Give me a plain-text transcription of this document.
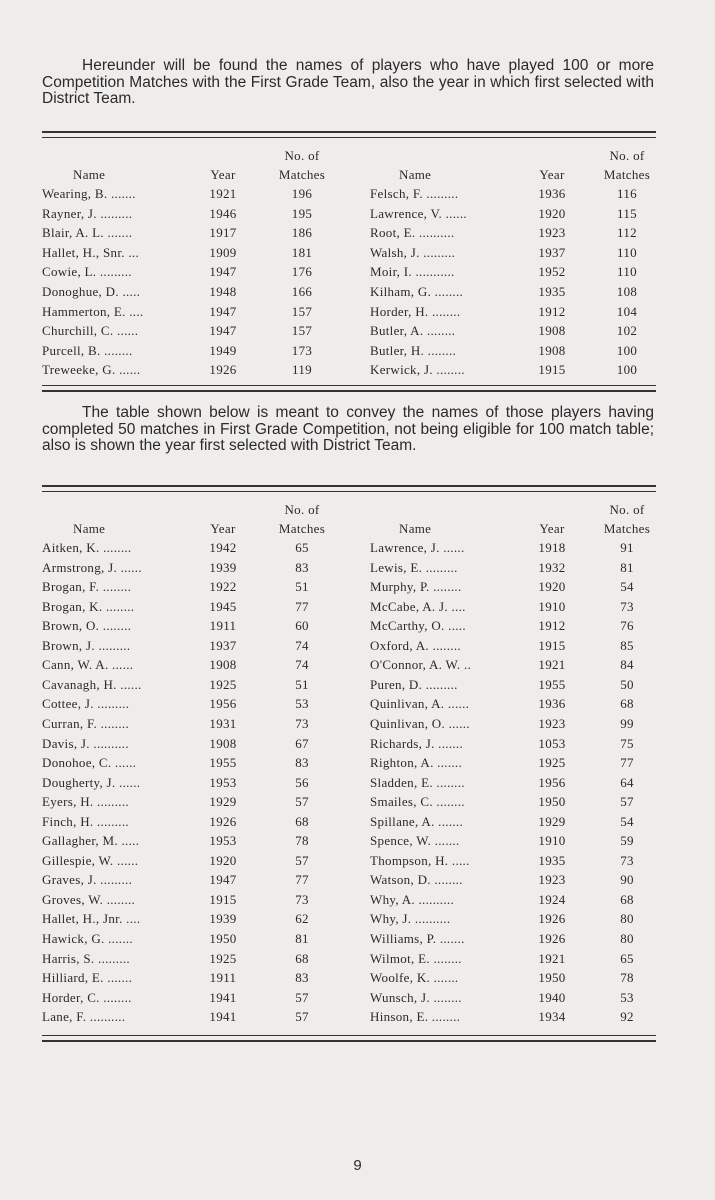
Hereunder will be found the names of players who have played 100 or more Competition Matches with the First Grade Team, also the year in which first selected with District Team.
No. of	No. of
Name	Year	Matches	Name	Year	Matches
Wearing, B. .......	1921	196	Felsch, F. .........	1936	116
Rayner, J. .........	1946	195	Lawrence, V. ......	1920	115
Blair, A. L. .......	1917	186	Root, E. ..........	1923	112
Hallet, H., Snr. ...	1909	181	Walsh, J. .........	1937	110
Cowie, L. .........	1947	176	Moir, I. ...........	1952	110
Donoghue, D. .....	1948	166	Kilham, G. ........	1935	108
Hammerton, E. ....	1947	157	Horder, H. ........	1912	104
Churchill, C. ......	1947	157	Butler, A. ........	1908	102
Purcell, B. ........	1949	173	Butler, H. ........	1908	100
Treweeke, G. ......	1926	119	Kerwick, J. ........	1915	100
The table shown below is meant to convey the names of those players having completed 50 matches in First Grade Competition, not being eligible for 100 match table; also is shown the year first selected with District Team.
No. of	No. of
Name	Year	Matches	Name	Year	Matches
Aitken, K. ........	1942	65	Lawrence, J. ......	1918	91
Armstrong, J. ......	1939	83	Lewis, E. .........	1932	81
Brogan, F. ........	1922	51	Murphy, P. ........	1920	54
Brogan, K. ........	1945	77	McCabe, A. J. ....	1910	73
Brown, O. ........	1911	60	McCarthy, O. .....	1912	76
Brown, J. .........	1937	74	Oxford, A. ........	1915	85
Cann, W. A. ......	1908	74	O'Connor, A. W. ..	1921	84
Cavanagh, H. ......	1925	51	Puren, D. .........	1955	50
Cottee, J. .........	1956	53	Quinlivan, A. ......	1936	68
Curran, F. ........	1931	73	Quinlivan, O. ......	1923	99
Davis, J. ..........	1908	67	Richards, J. .......	1053	75
Donohoe, C. ......	1955	83	Righton, A. .......	1925	77
Dougherty, J. ......	1953	56	Sladden, E. ........	1956	64
Eyers, H. .........	1929	57	Smailes, C. ........	1950	57
Finch, H. .........	1926	68	Spillane, A. .......	1929	54
Gallagher, M. .....	1953	78	Spence, W. .......	1910	59
Gillespie, W. ......	1920	57	Thompson, H. .....	1935	73
Graves, J. .........	1947	77	Watson, D. ........	1923	90
Groves, W. ........	1915	73	Why, A. ..........	1924	68
Hallet, H., Jnr. ....	1939	62	Why, J. ..........	1926	80
Hawick, G. .......	1950	81	Williams, P. .......	1926	80
Harris, S. .........	1925	68	Wilmot, E. ........	1921	65
Hilliard, E. .......	1911	83	Woolfe, K. .......	1950	78
Horder, C. ........	1941	57	Wunsch, J. ........	1940	53
Lane, F. ..........	1941	57	Hinson, E. ........	1934	92
9
